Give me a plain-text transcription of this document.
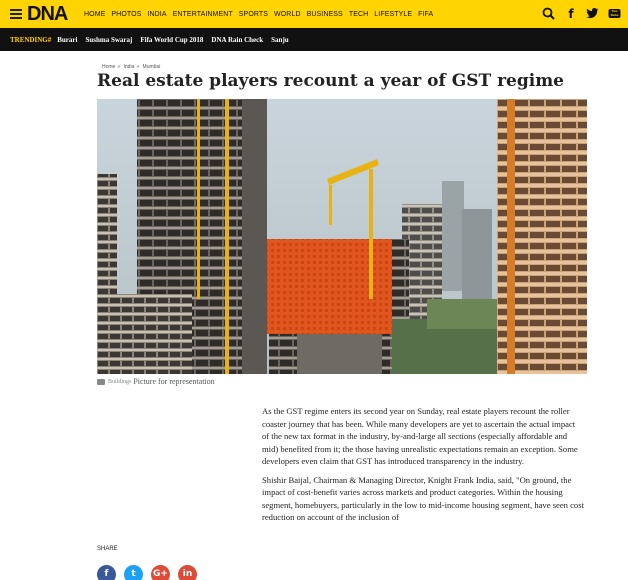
DNA HOME PHOTOS INDIA ENTERTAINMENT SPORTS WORLD BUSINESS TECH LIFESTYLE FIFA	f	You
Tube
TRENDING# Burari Sushma Swaraj Fifa World Cup 2018 DNA Rain Check Sanju
Home » India » Mumbai
Real estate players recount a year of GST regime
Buildings Picture for representation

As the GST regime enters its second year on Sunday, real estate players recount the roller coaster journey that has been. While many developers are yet to ascertain the actual impact of the new tax format in the industry, by-and-large all sections (especially affordable and mid) benefited from it; the those having unrealistic expectations remain an exception. Some developers even claim that GST has introduced transparency in the industry.

Shishir Baijal, Chairman & Managing Director, Knight Frank India, said, "On ground, the impact of cost-benefit varies across markets and product categories. Within the housing segment, homebuyers, particularly in the low to mid-income housing segment, have seen cost reduction on account of the inclusion of

SHARE
f	t	G+	in
